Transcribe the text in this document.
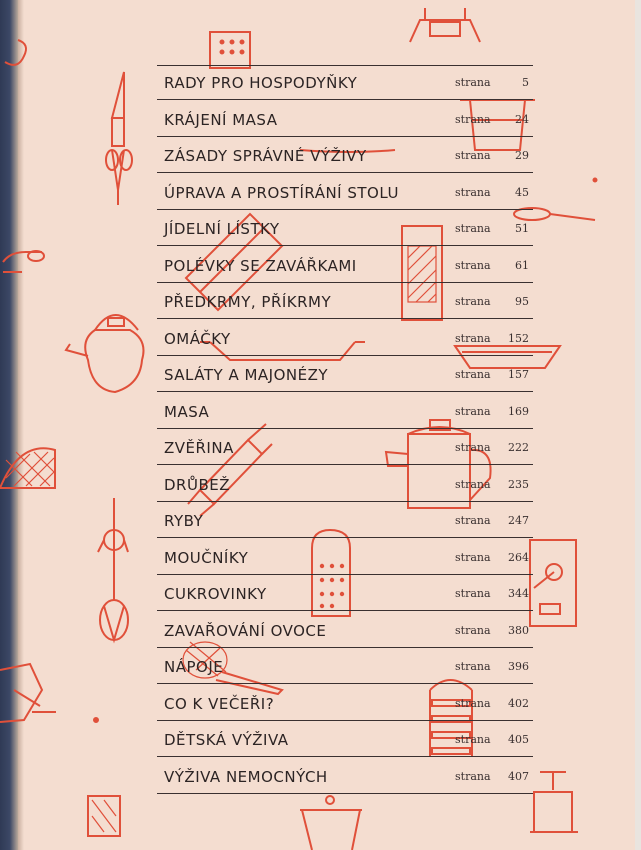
RADY PRO HOSPODYŇKY	strana	5
KRÁJENÍ MASA	strana	24
ZÁSADY SPRÁVNÉ VÝŽIVY	strana	29
ÚPRAVA A PROSTÍRÁNÍ STOLU	strana	45
JÍDELNÍ LÍSTKY	strana	51
POLÉVKY SE ZAVÁŘKAMI	strana	61
PŘEDKRMY, PŘÍKRMY	strana	95
OMÁČKY	strana	152
SALÁTY A MAJONÉZY	strana	157
MASA	strana	169
ZVĚŘINA	strana	222
DRŮBEŽ	strana	235
RYBY	strana	247
MOUČNÍKY	strana	264
CUKROVINKY	strana	344
ZAVAŘOVÁNÍ OVOCE	strana	380
NÁPOJE	strana	396
CO K VEČEŘI?	strana	402
DĚTSKÁ VÝŽIVA	strana	405
VÝŽIVA NEMOCNÝCH	strana	407
